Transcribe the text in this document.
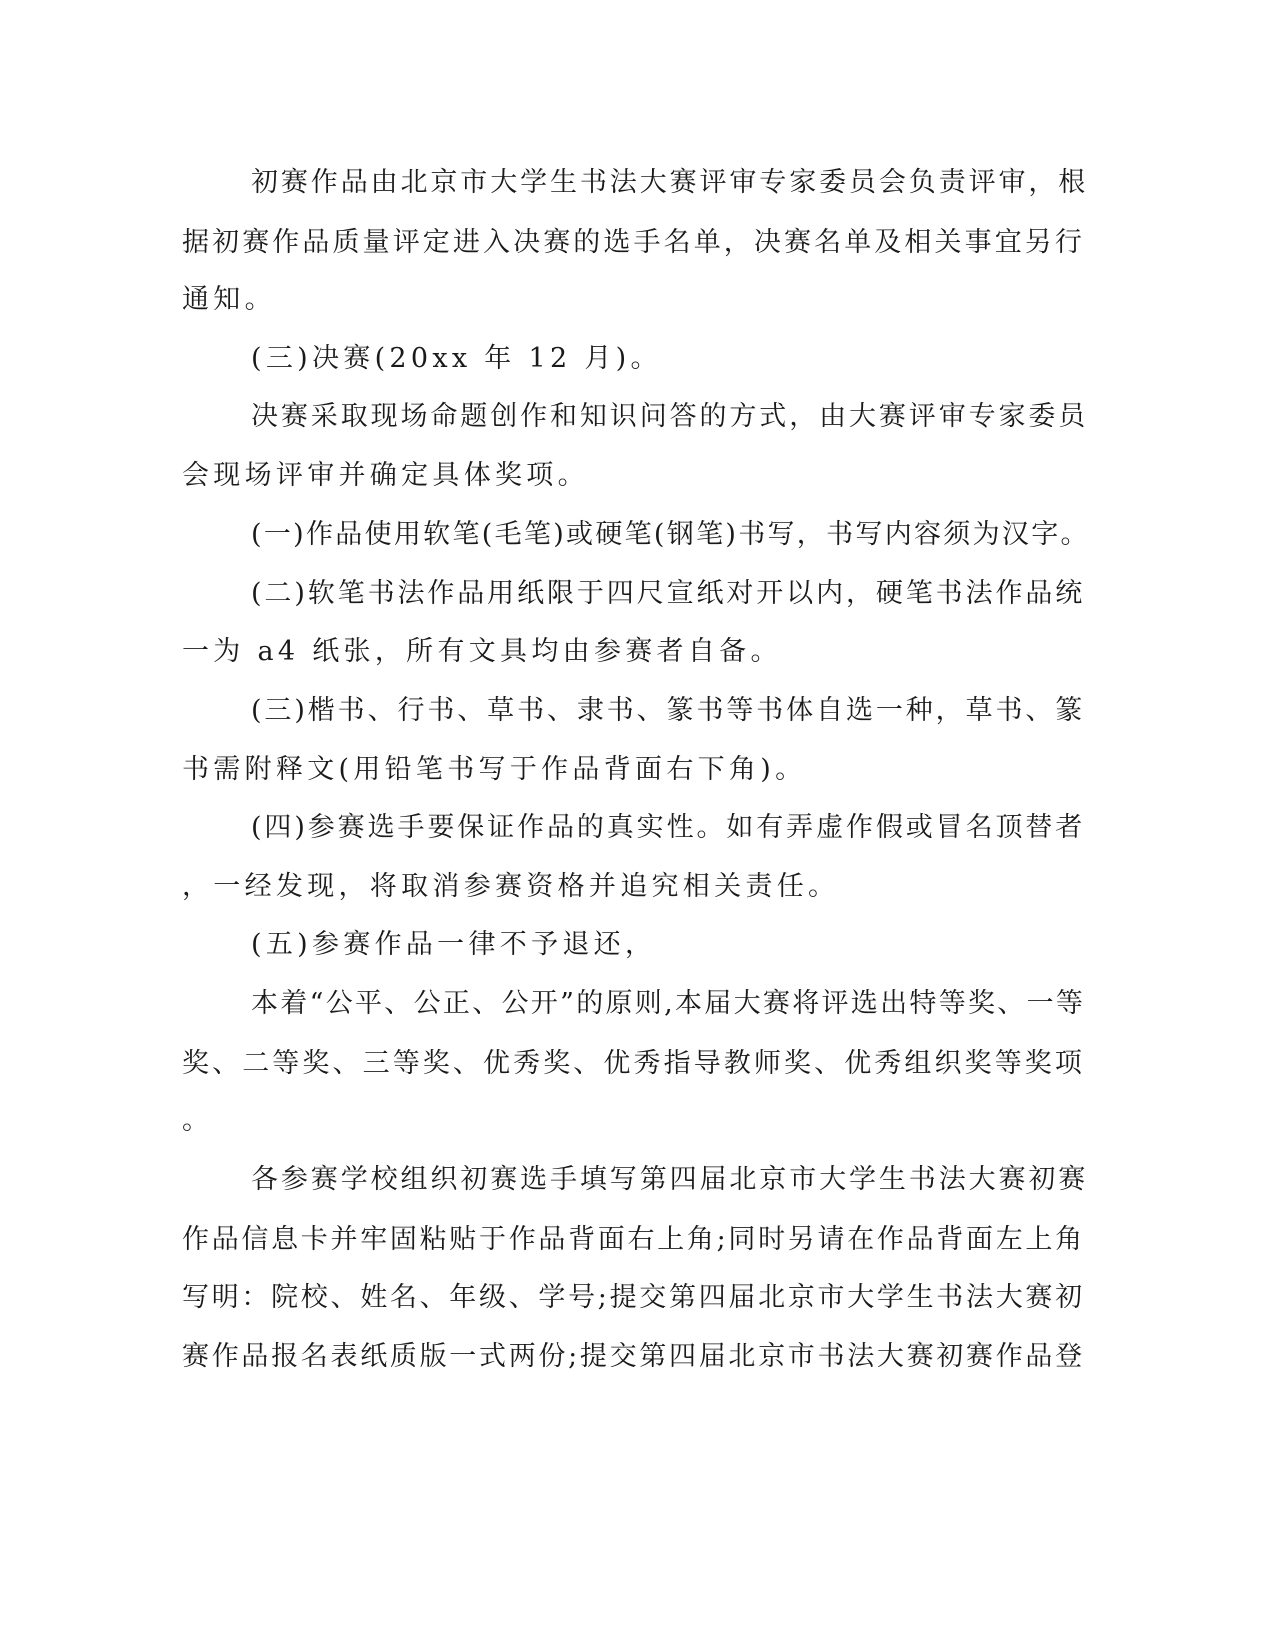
初赛作品由北京市大学生书法大赛评审专家委员会负责评审，根
据初赛作品质量评定进入决赛的选手名单，决赛名单及相关事宜另行
通知。
(三)决赛(20xx 年 12 月)。
决赛采取现场命题创作和知识问答的方式，由大赛评审专家委员
会现场评审并确定具体奖项。
(一)作品使用软笔(毛笔)或硬笔(钢笔)书写，书写内容须为汉字。
(二)软笔书法作品用纸限于四尺宣纸对开以内，硬笔书法作品统
一为 a4 纸张，所有文具均由参赛者自备。
(三)楷书、行书、草书、隶书、篆书等书体自选一种，草书、篆
书需附释文(用铅笔书写于作品背面右下角)。
(四)参赛选手要保证作品的真实性。如有弄虚作假或冒名顶替者
，一经发现，将取消参赛资格并追究相关责任。
(五)参赛作品一律不予退还，
本着“公平、公正、公开”的原则,本届大赛将评选出特等奖、一等
奖、二等奖、三等奖、优秀奖、优秀指导教师奖、优秀组织奖等奖项
。
各参赛学校组织初赛选手填写第四届北京市大学生书法大赛初赛
作品信息卡并牢固粘贴于作品背面右上角;同时另请在作品背面左上角
写明：院校、姓名、年级、学号;提交第四届北京市大学生书法大赛初
赛作品报名表纸质版一式两份;提交第四届北京市书法大赛初赛作品登
